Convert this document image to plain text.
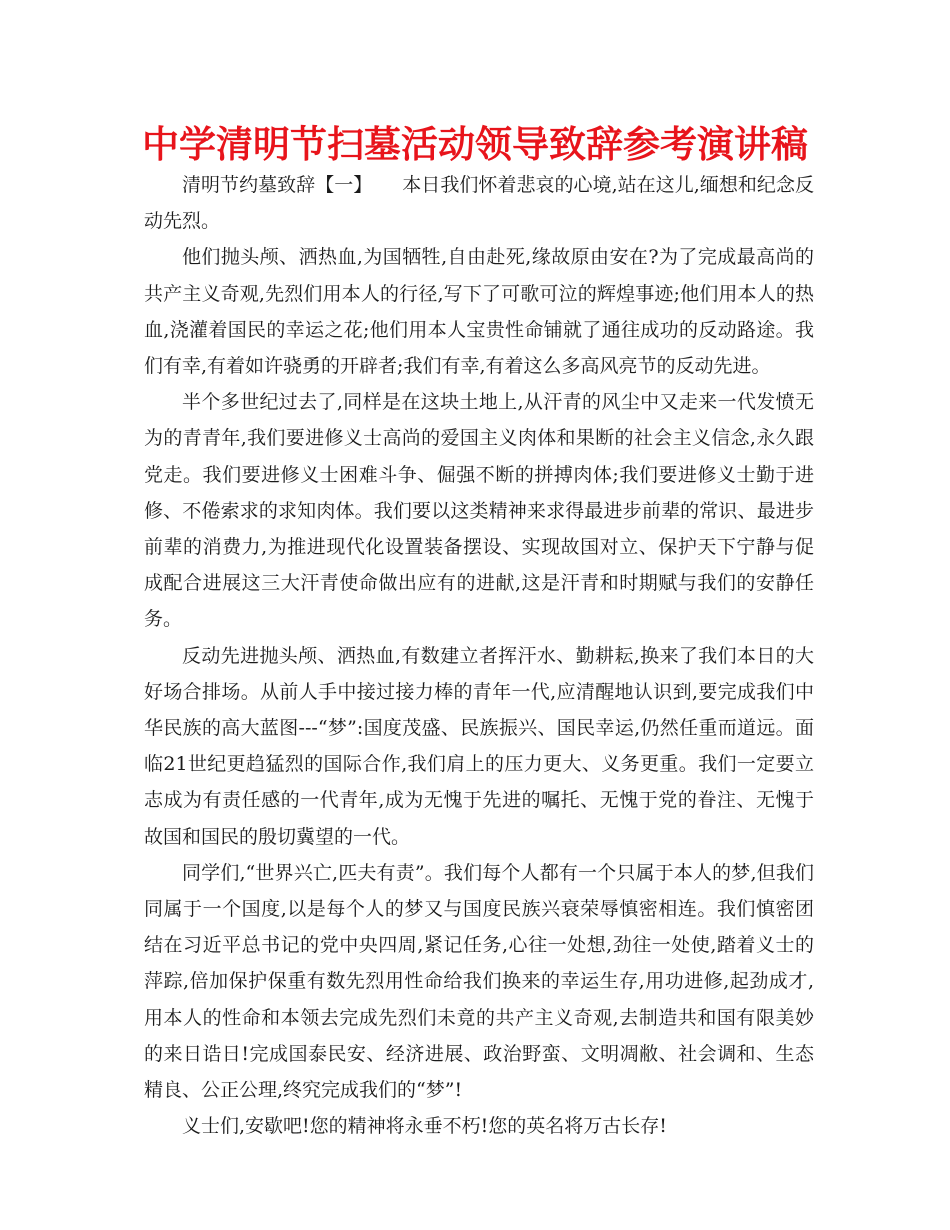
中学清明节扫墓活动领导致辞参考演讲稿

清明节约墓致辞【一】 本日我们怀着悲哀的心境,站在这儿,缅想和纪念反动先烈。

他们抛头颅、洒热血,为国牺牲,自由赴死,缘故原由安在?为了完成最高尚的共产主义奇观,先烈们用本人的行径,写下了可歌可泣的辉煌事迹;他们用本人的热血,浇灌着国民的幸运之花;他们用本人宝贵性命铺就了通往成功的反动路途。我们有幸,有着如许骁勇的开辟者;我们有幸,有着这么多高风亮节的反动先进。

半个多世纪过去了,同样是在这块土地上,从汗青的风尘中又走来一代发愤无为的青青年,我们要进修义士高尚的爱国主义肉体和果断的社会主义信念,永久跟党走。我们要进修义士困难斗争、倔强不断的拼搏肉体;我们要进修义士勤于进修、不倦索求的求知肉体。我们要以这类精神来求得最进步前辈的常识、最进步前辈的消费力,为推进现代化设置装备摆设、实现故国对立、保护天下宁静与促成配合进展这三大汗青使命做出应有的进献,这是汗青和时期赋与我们的安静任务。

反动先进抛头颅、洒热血,有数建立者挥汗水、勤耕耘,换来了我们本日的大好场合排场。从前人手中接过接力棒的青年一代,应清醒地认识到,要完成我们中华民族的高大蓝图---“梦”:国度茂盛、民族振兴、国民幸运,仍然任重而道远。面临21世纪更趋猛烈的国际合作,我们肩上的压力更大、义务更重。我们一定要立志成为有责任感的一代青年,成为无愧于先进的嘱托、无愧于党的眷注、无愧于故国和国民的殷切冀望的一代。

同学们,“世界兴亡,匹夫有责”。我们每个人都有一个只属于本人的梦,但我们同属于一个国度,以是每个人的梦又与国度民族兴衰荣辱慎密相连。我们慎密团结在习近平总书记的党中央四周,紧记任务,心往一处想,劲往一处使,踏着义士的萍踪,倍加保护保重有数先烈用性命给我们换来的幸运生存,用功进修,起劲成才,用本人的性命和本领去完成先烈们未竟的共产主义奇观,去制造共和国有限美妙的来日诰日!完成国泰民安、经济进展、政治野蛮、文明凋敝、社会调和、生态精良、公正公理,终究完成我们的“梦”!

义士们,安歇吧!您的精神将永垂不朽!您的英名将万古长存!
